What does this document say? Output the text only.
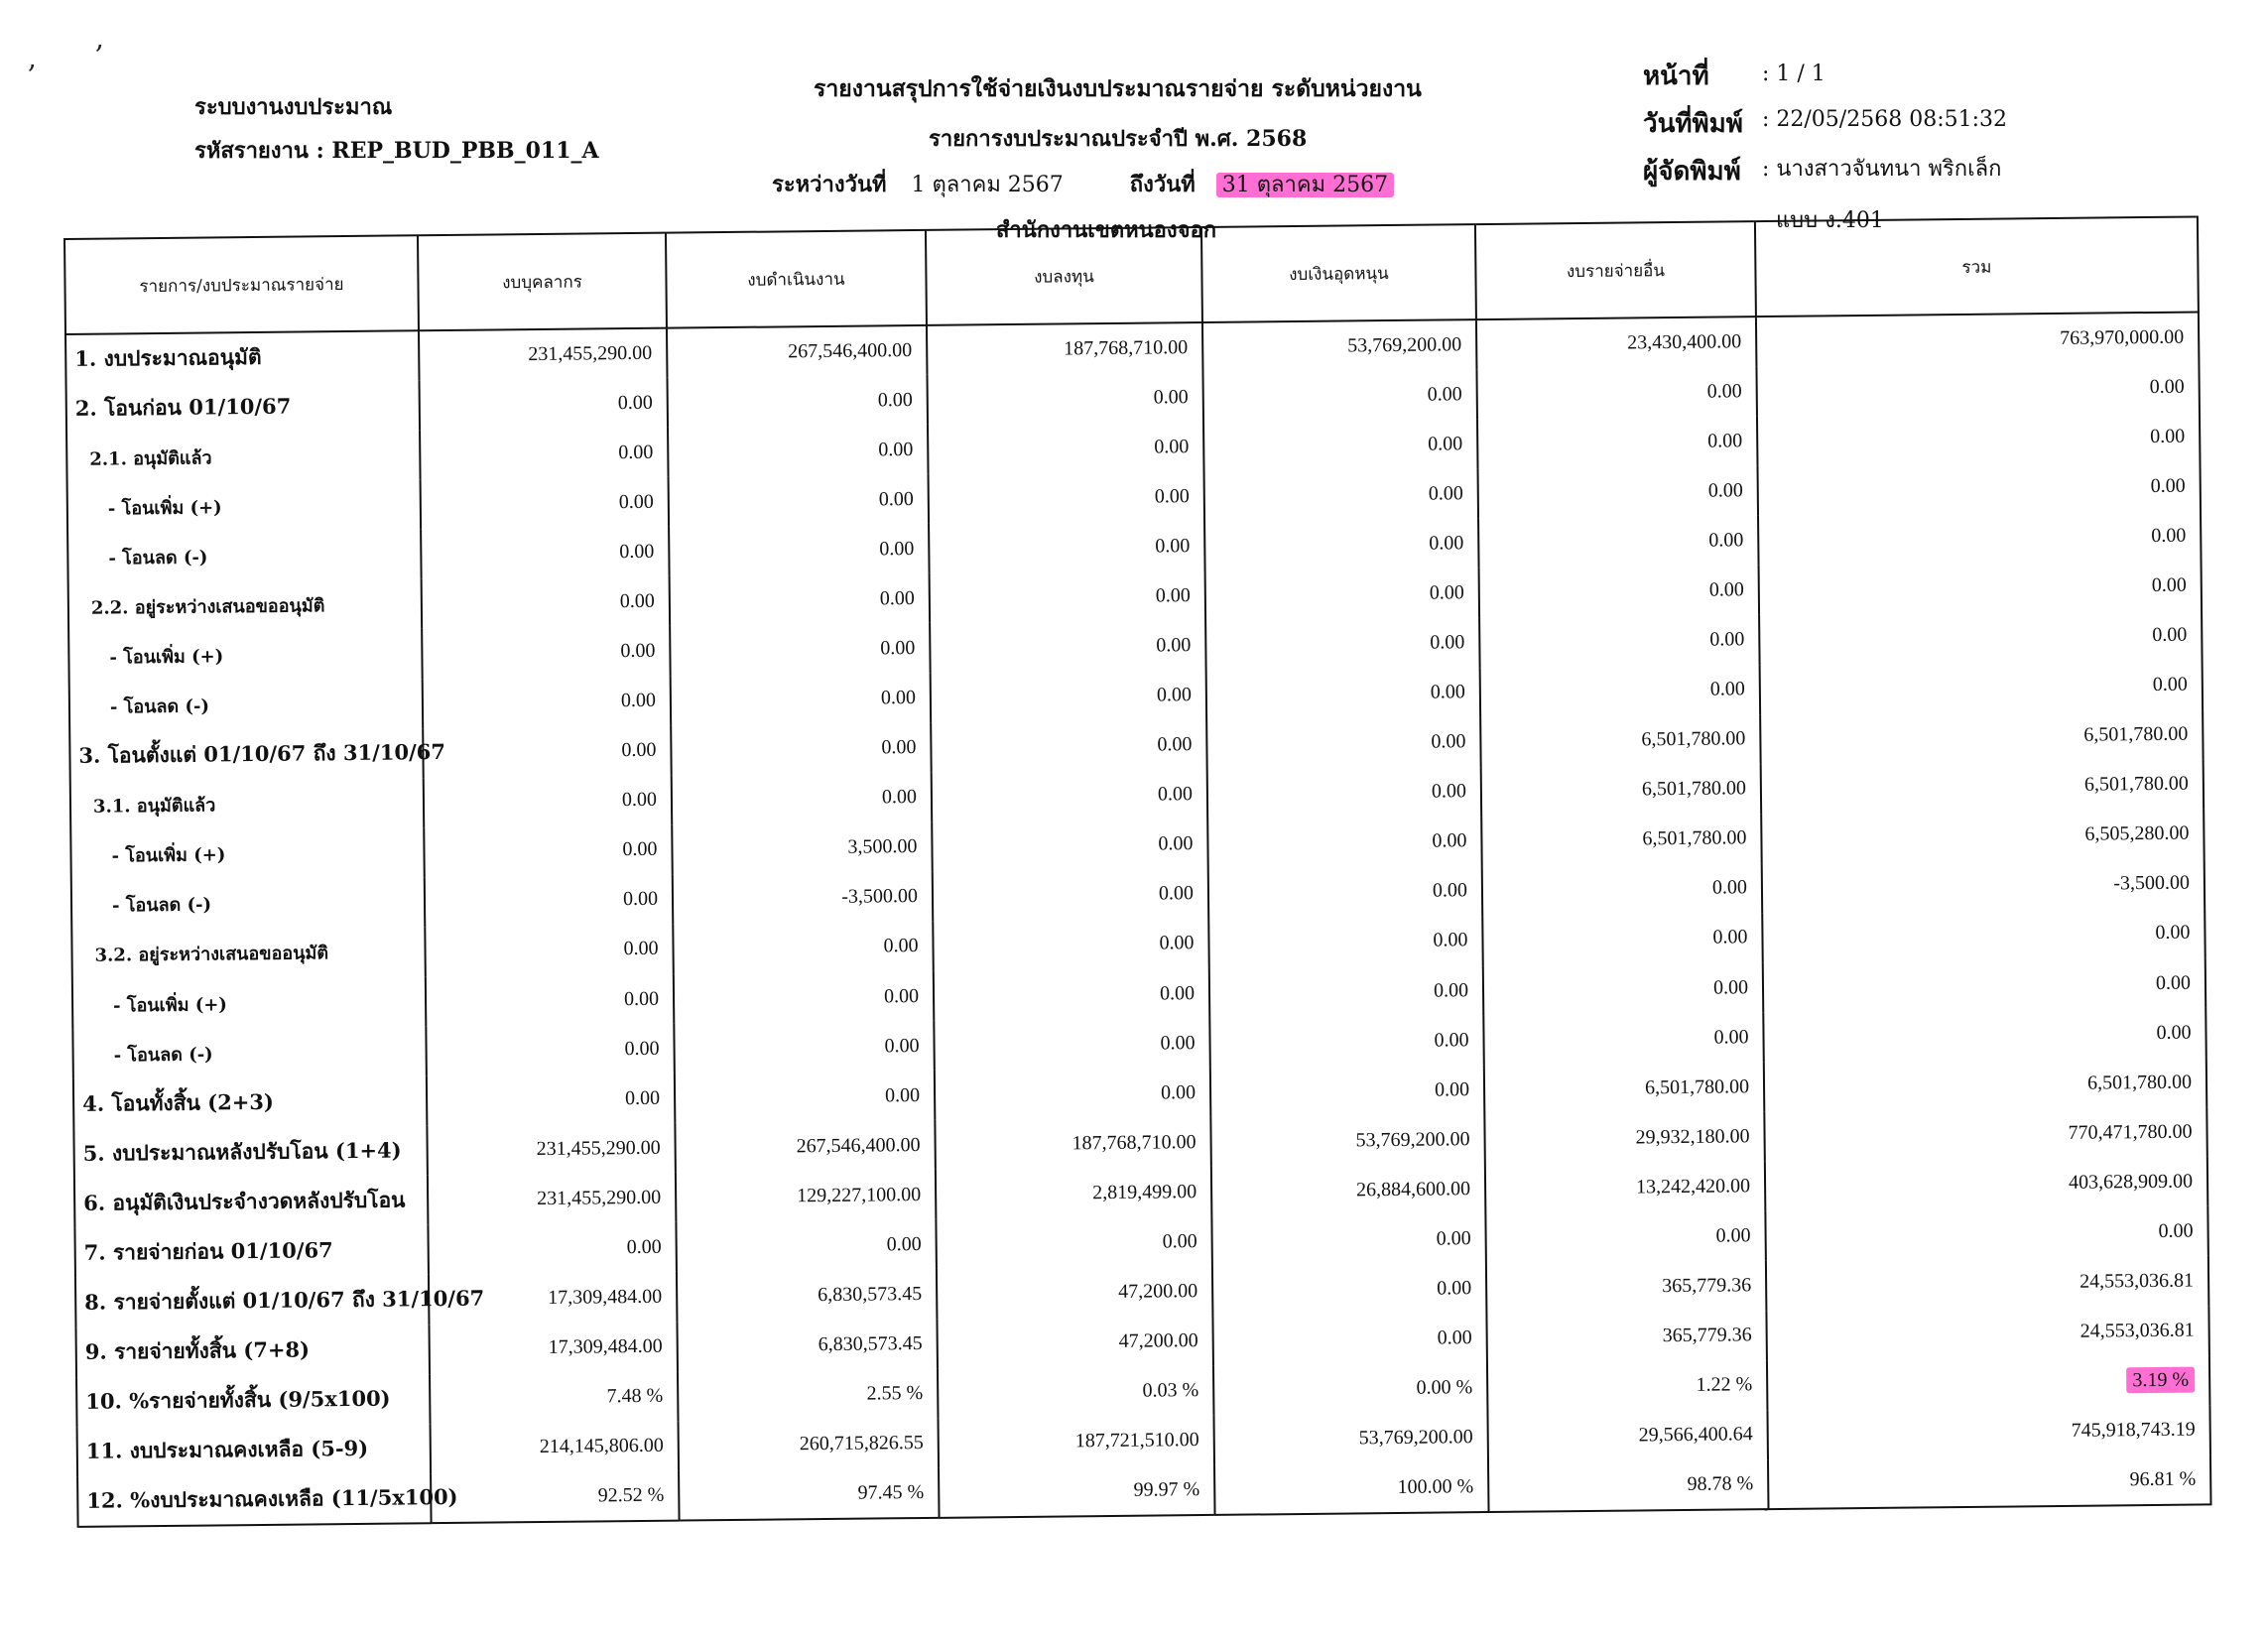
,
,
ระบบงานงบประมาณ
รหัสรายงาน : REP_BUD_PBB_011_A
รายงานสรุปการใช้จ่ายเงินงบประมาณรายจ่าย ระดับหน่วยงาน
รายการงบประมาณประจำปี พ.ศ. 2568
ระหว่างวันที่ 1 ตุลาคม 2567	ถึงวันที่ 31 ตุลาคม 2567
สำนักงานเขตหนองจอก
หน้าที่ : 1 / 1
วันที่พิมพ์ : 22/05/2568 08:51:32
ผู้จัดพิมพ์ : นางสาวจันทนา พริกเล็ก
แบบ ง.401
รายการ/งบประมาณรายจ่าย	งบบุคลากร	งบดำเนินงาน	งบลงทุน	งบเงินอุดหนุน	งบรายจ่ายอื่น	รวม
1. งบประมาณอนุมัติ	231,455,290.00	267,546,400.00	187,768,710.00	53,769,200.00	23,430,400.00	763,970,000.00
2. โอนก่อน 01/10/67	0.00	0.00	0.00	0.00	0.00	0.00
2.1. อนุมัติแล้ว	0.00	0.00	0.00	0.00	0.00	0.00
- โอนเพิ่ม (+)	0.00	0.00	0.00	0.00	0.00	0.00
- โอนลด (-)	0.00	0.00	0.00	0.00	0.00	0.00
2.2. อยู่ระหว่างเสนอขออนุมัติ	0.00	0.00	0.00	0.00	0.00	0.00
- โอนเพิ่ม (+)	0.00	0.00	0.00	0.00	0.00	0.00
- โอนลด (-)	0.00	0.00	0.00	0.00	0.00	0.00
3. โอนตั้งแต่ 01/10/67 ถึง 31/10/67	0.00	0.00	0.00	0.00	6,501,780.00	6,501,780.00
3.1. อนุมัติแล้ว	0.00	0.00	0.00	0.00	6,501,780.00	6,501,780.00
- โอนเพิ่ม (+)	0.00	3,500.00	0.00	0.00	6,501,780.00	6,505,280.00
- โอนลด (-)	0.00	-3,500.00	0.00	0.00	0.00	-3,500.00
3.2. อยู่ระหว่างเสนอขออนุมัติ	0.00	0.00	0.00	0.00	0.00	0.00
- โอนเพิ่ม (+)	0.00	0.00	0.00	0.00	0.00	0.00
- โอนลด (-)	0.00	0.00	0.00	0.00	0.00	0.00
4. โอนทั้งสิ้น (2+3)	0.00	0.00	0.00	0.00	6,501,780.00	6,501,780.00
5. งบประมาณหลังปรับโอน (1+4)	231,455,290.00	267,546,400.00	187,768,710.00	53,769,200.00	29,932,180.00	770,471,780.00
6. อนุมัติเงินประจำงวดหลังปรับโอน	231,455,290.00	129,227,100.00	2,819,499.00	26,884,600.00	13,242,420.00	403,628,909.00
7. รายจ่ายก่อน 01/10/67	0.00	0.00	0.00	0.00	0.00	0.00
8. รายจ่ายตั้งแต่ 01/10/67 ถึง 31/10/67	17,309,484.00	6,830,573.45	47,200.00	0.00	365,779.36	24,553,036.81
9. รายจ่ายทั้งสิ้น (7+8)	17,309,484.00	6,830,573.45	47,200.00	0.00	365,779.36	24,553,036.81
10. %รายจ่ายทั้งสิ้น (9/5x100)	7.48 %	2.55 %	0.03 %	0.00 %	1.22 %	3.19 %
11. งบประมาณคงเหลือ (5-9)	214,145,806.00	260,715,826.55	187,721,510.00	53,769,200.00	29,566,400.64	745,918,743.19
12. %งบประมาณคงเหลือ (11/5x100)	92.52 %	97.45 %	99.97 %	100.00 %	98.78 %	96.81 %
